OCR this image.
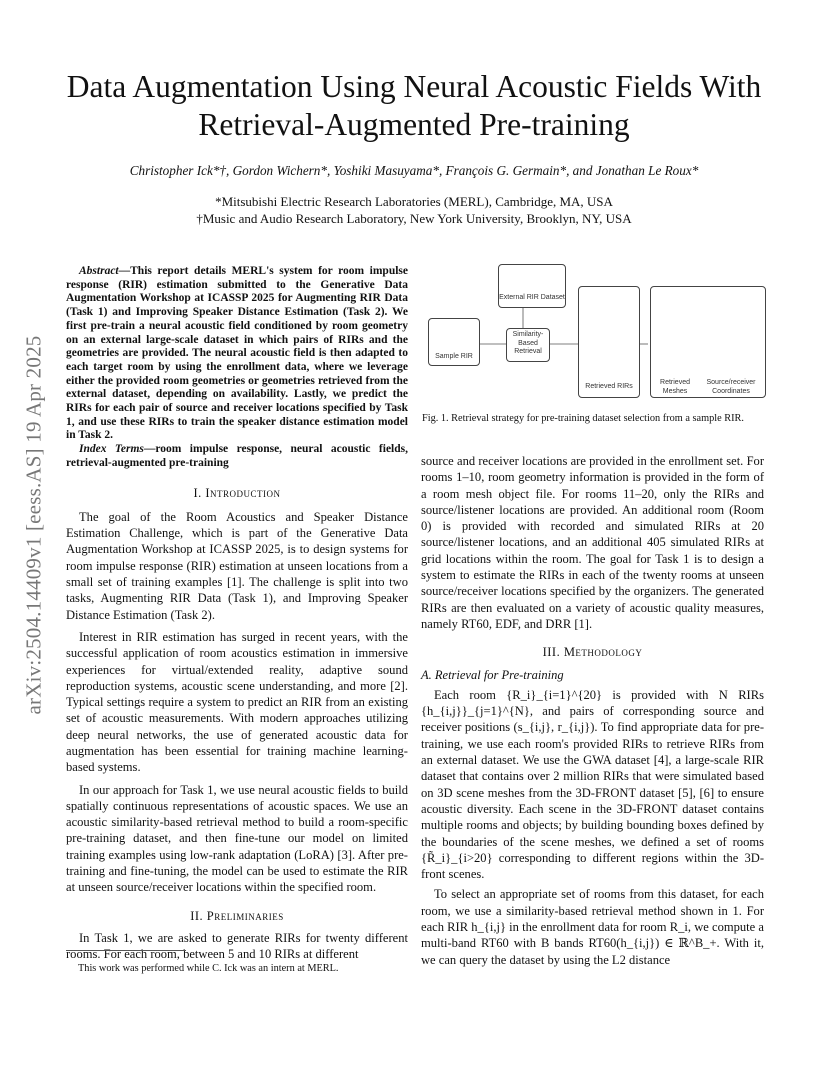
Data Augmentation Using Neural Acoustic Fields With Retrieval-Augmented Pre-training
Christopher Ick*†, Gordon Wichern*, Yoshiki Masuyama*, François G. Germain*, and Jonathan Le Roux*
*Mitsubishi Electric Research Laboratories (MERL), Cambridge, MA, USA
†Music and Audio Research Laboratory, New York University, Brooklyn, NY, USA
arXiv:2504.14409v1 [eess.AS] 19 Apr 2025

Abstract—This report details MERL's system for room impulse response (RIR) estimation submitted to the Generative Data Augmentation Workshop at ICASSP 2025 for Augmenting RIR Data (Task 1) and Improving Speaker Distance Estimation (Task 2). We first pre-train a neural acoustic field conditioned by room geometry on an external large-scale dataset in which pairs of RIRs and the geometries are provided. The neural acoustic field is then adapted to each target room by using the enrollment data, where we leverage either the provided room geometries or geometries retrieved from the external dataset, depending on availability. Lastly, we predict the RIRs for each pair of source and receiver locations specified by Task 1, and use these RIRs to train the speaker distance estimation model in Task 2.

Index Terms—room impulse response, neural acoustic fields, retrieval-augmented pre-training

I. Introduction

The goal of the Room Acoustics and Speaker Distance Estimation Challenge, which is part of the Generative Data Augmentation Workshop at ICASSP 2025, is to design systems for room impulse response (RIR) estimation at unseen locations from a small set of training examples [1]. The challenge is split into two tasks, Augmenting RIR Data (Task 1), and Improving Speaker Distance Estimation (Task 2).

Interest in RIR estimation has surged in recent years, with the successful application of room acoustics estimation in immersive experiences for virtual/extended reality, adaptive sound reproduction systems, acoustic scene understanding, and more [2]. Typical settings require a system to predict an RIR from an existing set of acoustic measurements. With modern approaches utilizing deep neural networks, the use of generated acoustic data for augmentation has been essential for training machine learning-based systems.

In our approach for Task 1, we use neural acoustic fields to build spatially continuous representations of acoustic spaces. We use an acoustic similarity-based retrieval method to build a room-specific pre-training dataset, and then fine-tune our model on limited training examples using low-rank adaptation (LoRA) [3]. After pre-training and fine-tuning, the model can be used to estimate the RIR at unseen source/receiver locations within the specified room.

II. Preliminaries

In Task 1, we are asked to generate RIRs for twenty different rooms. For each room, between 5 and 10 RIRs at different

This work was performed while C. Ick was an intern at MERL.
External RIR Dataset
Similarity-
Based
Retrieval
Sample RIR
Retrieved RIRs
Retrieved
Meshes
Source/receiver
Coordinates
Fig. 1. Retrieval strategy for pre-training dataset selection from a sample RIR.

source and receiver locations are provided in the enrollment set. For rooms 1–10, room geometry information is provided in the form of a room mesh object file. For rooms 11–20, only the RIRs and source/listener locations are provided. An additional room (Room 0) is provided with recorded and simulated RIRs at 20 source/listener locations, and an additional 405 simulated RIRs at grid locations within the room. The goal for Task 1 is to design a system to estimate the RIRs in each of the twenty rooms at unseen source/receiver locations specified by the organizers. The generated RIRs are then evaluated on a variety of acoustic quality measures, namely RT60, EDF, and DRR [1].

III. Methodology
A. Retrieval for Pre-training

Each room {R_i}_{i=1}^{20} is provided with N RIRs {h_{i,j}}_{j=1}^{N}, and pairs of corresponding source and receiver positions (s_{i,j}, r_{i,j}). To find appropriate data for pre-training, we use each room's provided RIRs to retrieve RIRs from an external dataset. We use the GWA dataset [4], a large-scale RIR dataset that contains over 2 million RIRs that were simulated based on 3D scene meshes from the 3D-FRONT dataset [5], [6] to ensure acoustic diversity. Each scene in the 3D-FRONT dataset contains multiple rooms and objects; by building bounding boxes defined by the boundaries of the scene meshes, we defined a set of rooms {R̃_i}_{i>20} corresponding to different regions within the 3D-front scenes.

To select an appropriate set of rooms from this dataset, for each room, we use a similarity-based retrieval method shown in 1. For each RIR h_{i,j} in the enrollment data for room R_i, we compute a multi-band RT60 with B bands RT60(h_{i,j}) ∈ ℝ^B_+. With it, we can query the dataset by using the L2 distance
